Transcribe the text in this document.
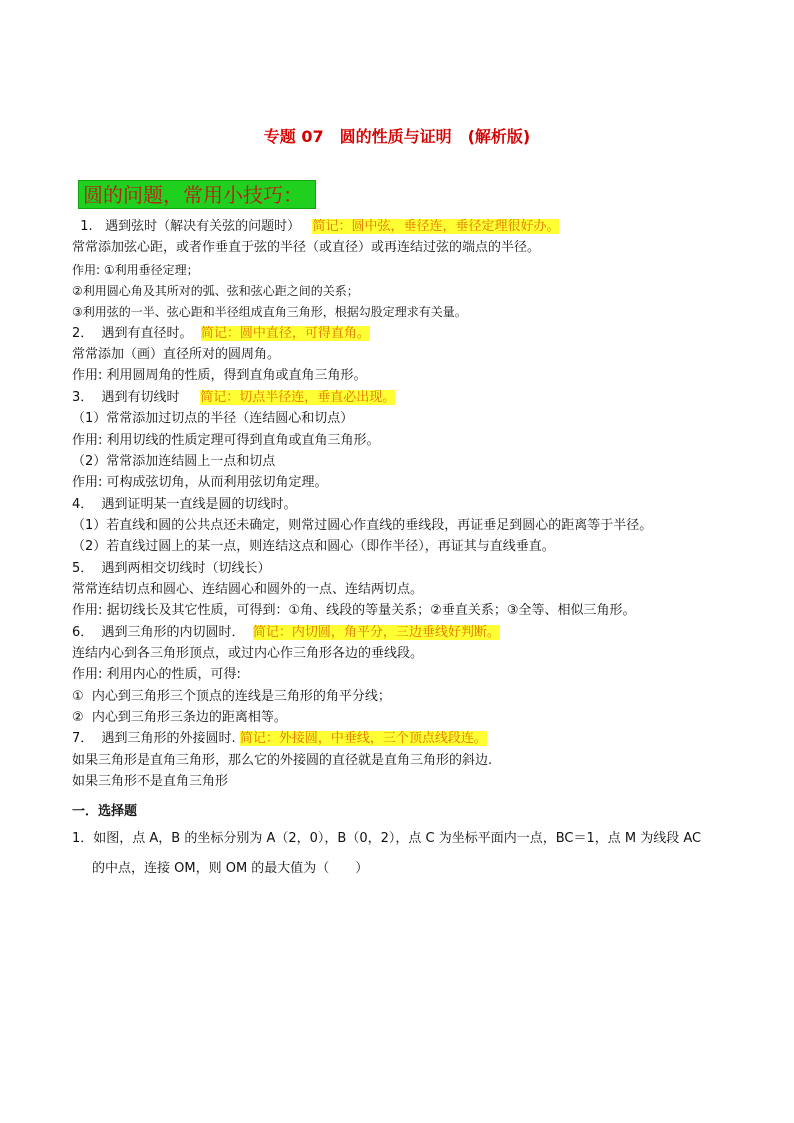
专题 07　圆的性质与证明　(解析版)
圆的问题，常用小技巧：
1.   遇到弦时（解决有关弦的问题时）   简记：圆中弦，垂径连，垂径定理很好办。
常常添加弦心距，或者作垂直于弦的半径（或直径）或再连结过弦的端点的半径。
作用: ①利用垂径定理；
②利用圆心角及其所对的弧、弦和弦心距之间的关系；
③利用弦的一半、弦心距和半径组成直角三角形，根据勾股定理求有关量。
2．  遇到有直径时。  简记：圆中直径，可得直角。
常常添加（画）直径所对的圆周角。
作用: 利用圆周角的性质，得到直角或直角三角形。
3．  遇到有切线时     简记：切点半径连，垂直必出现。
（1）常常添加过切点的半径（连结圆心和切点）
作用: 利用切线的性质定理可得到直角或直角三角形。
（2）常常添加连结圆上一点和切点
作用: 可构成弦切角，从而利用弦切角定理。
4．  遇到证明某一直线是圆的切线时。
（1）若直线和圆的公共点还未确定，则常过圆心作直线的垂线段，再证垂足到圆心的距离等于半径。
（2）若直线过圆上的某一点，则连结这点和圆心（即作半径），再证其与直线垂直。
5．  遇到两相交切线时（切线长）
常常连结切点和圆心、连结圆心和圆外的一点、连结两切点。
作用: 据切线长及其它性质，可得到：①角、线段的等量关系；②垂直关系；③全等、相似三角形。
6．  遇到三角形的内切圆时．  简记：内切圆，角平分，三边垂线好判断。
连结内心到各三角形顶点，或过内心作三角形各边的垂线段。
作用: 利用内心的性质，可得:
①  内心到三角形三个顶点的连线是三角形的角平分线；
②  内心到三角形三条边的距离相等。
7．  遇到三角形的外接圆时. 简记：外接圆，中垂线，三个顶点线段连。
如果三角形是直角三角形，那么它的外接圆的直径就是直角三角形的斜边.
如果三角形不是直角三角形
一．选择题
1．如图，点 A，B 的坐标分别为 A（2，0），B（0，2），点 C 为坐标平面内一点，BC＝1，点 M 为线段 AC
的中点，连接 OM，则 OM 的最大值为（　　）
